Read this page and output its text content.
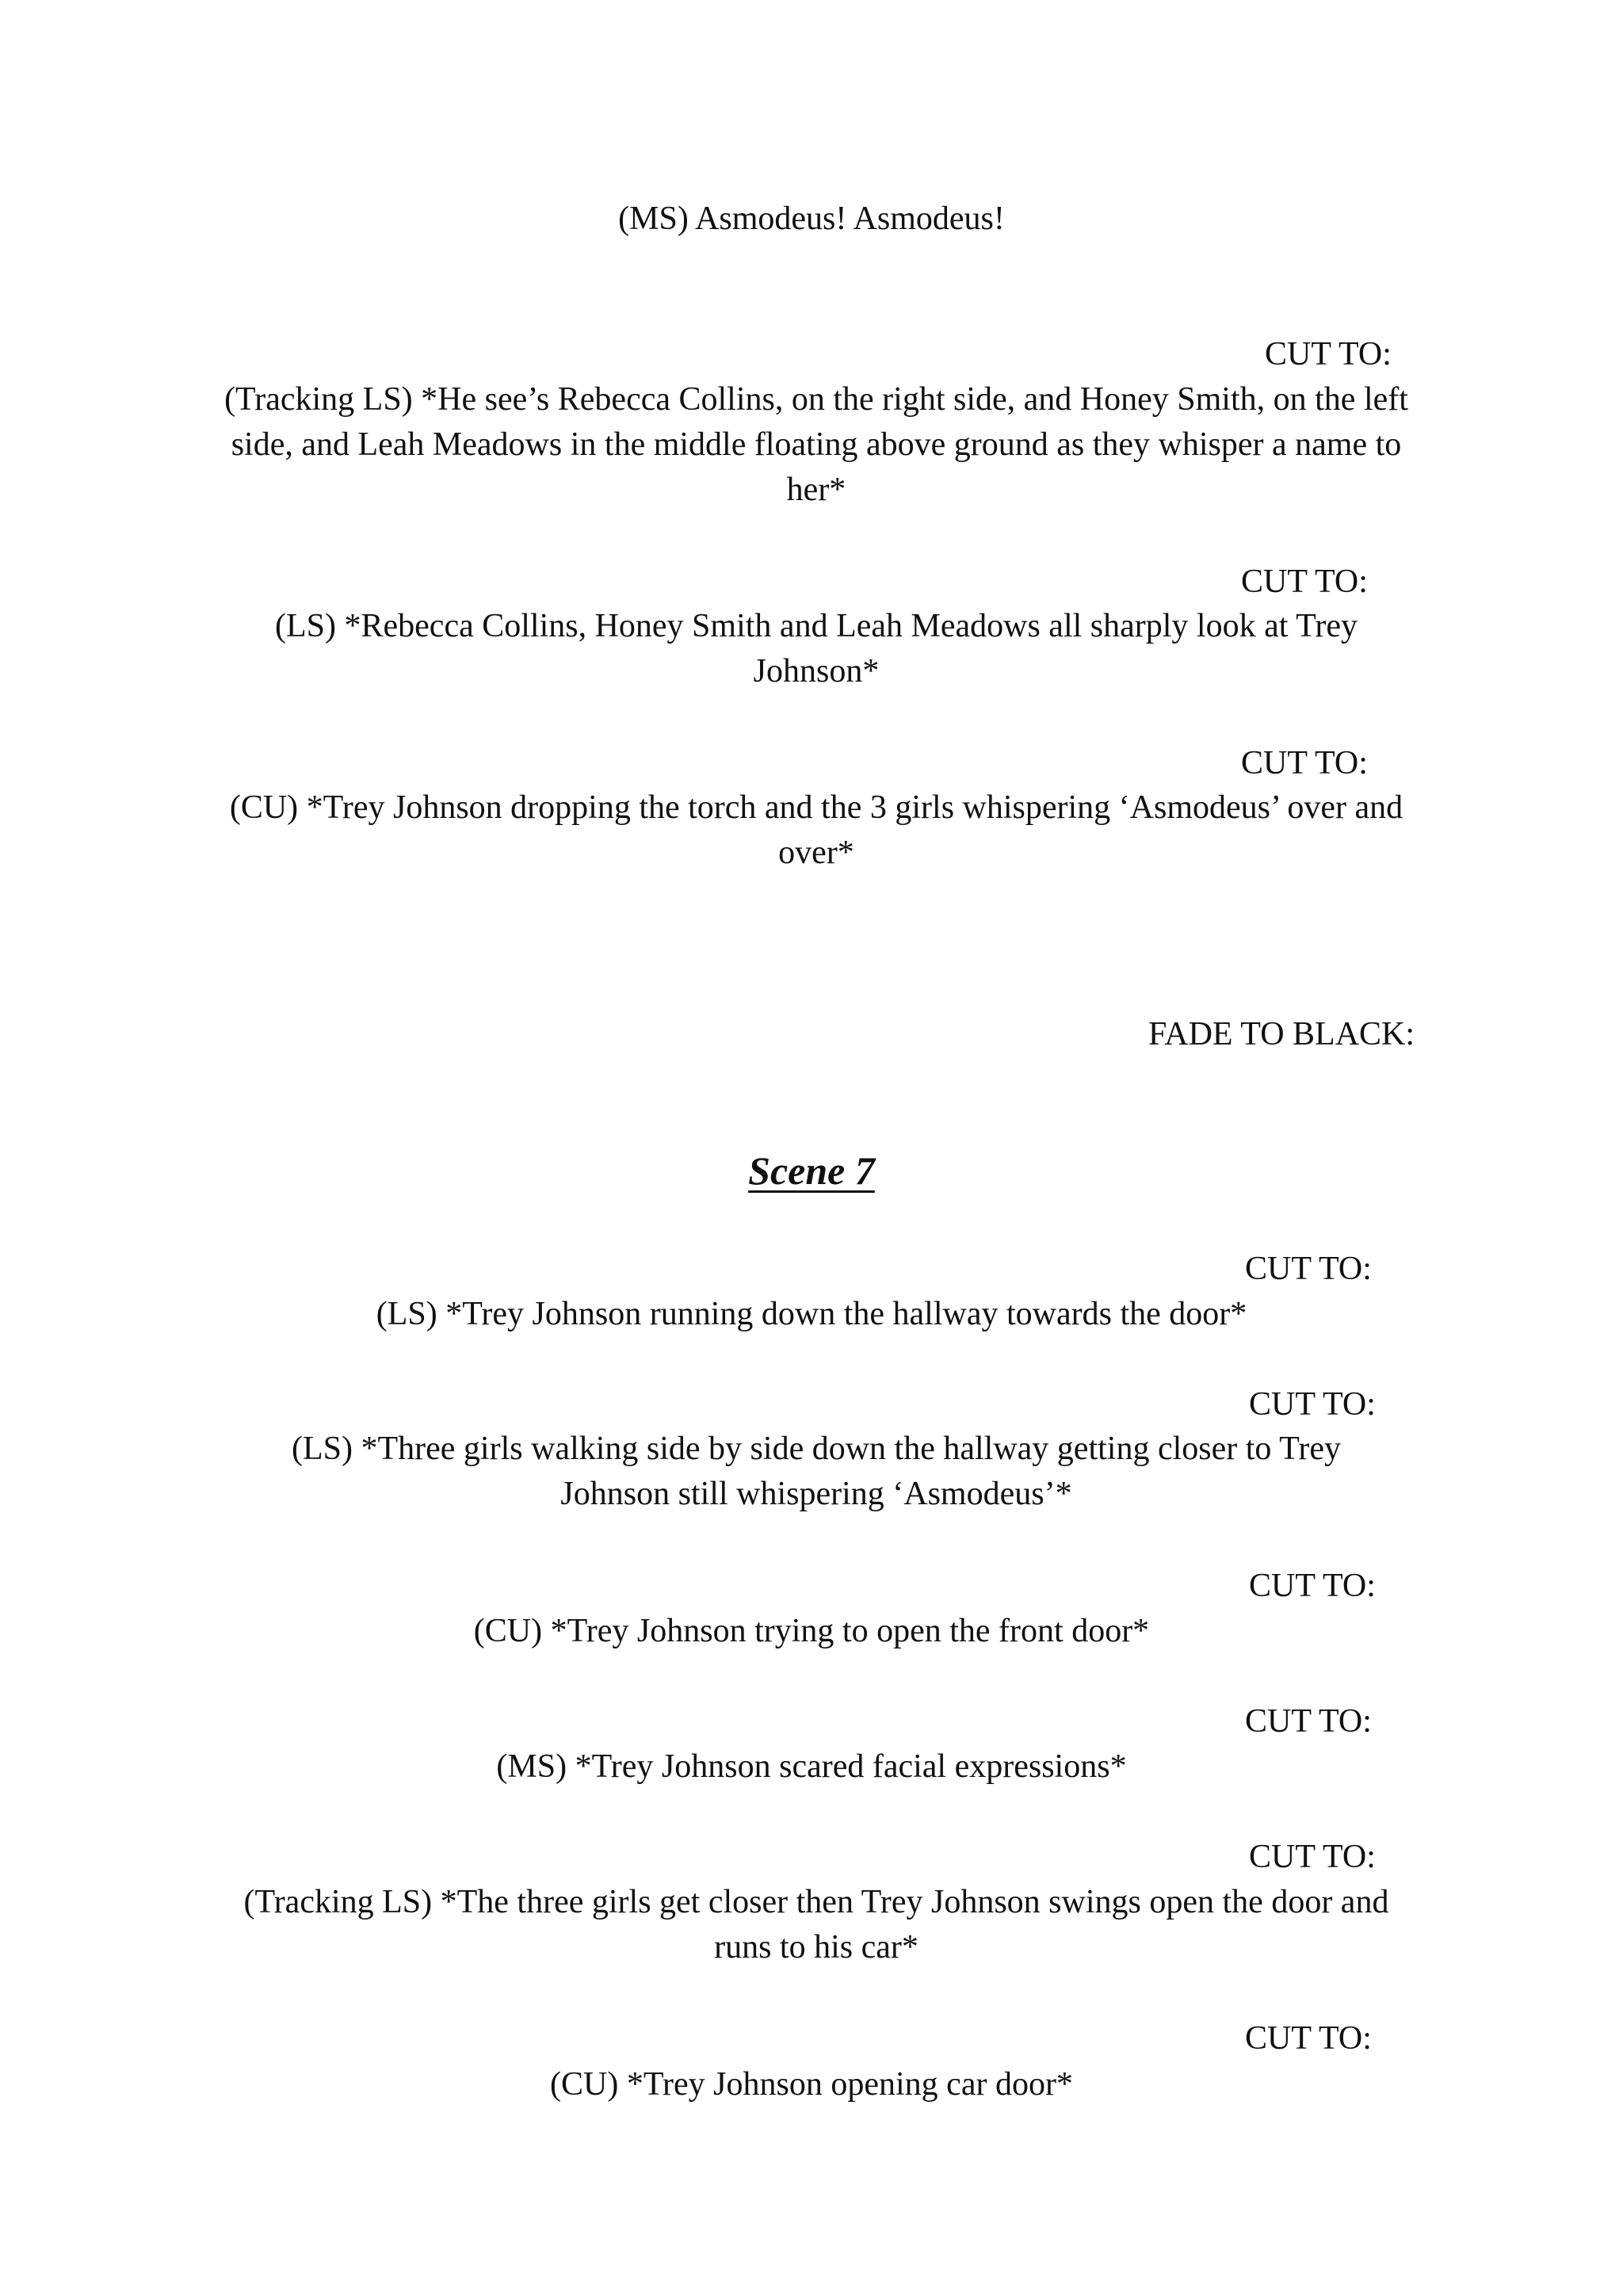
(MS) Asmodeus! Asmodeus!
CUT TO:
(Tracking LS) *He see’s Rebecca Collins, on the right side, and Honey Smith, on the left side, and Leah Meadows in the middle floating above ground as they whisper a name to her*
CUT TO:
(LS) *Rebecca Collins, Honey Smith and Leah Meadows all sharply look at Trey Johnson*
CUT TO:
(CU) *Trey Johnson dropping the torch and the 3 girls whispering ‘Asmodeus’ over and over*
FADE TO BLACK:
Scene 7
CUT TO:
(LS) *Trey Johnson running down the hallway towards the door*
CUT TO:
(LS) *Three girls walking side by side down the hallway getting closer to Trey Johnson still whispering ‘Asmodeus’*
CUT TO:
(CU) *Trey Johnson trying to open the front door*
CUT TO:
(MS) *Trey Johnson scared facial expressions*
CUT TO:
(Tracking LS) *The three girls get closer then Trey Johnson swings open the door and runs to his car*
CUT TO:
(CU) *Trey Johnson opening car door*
